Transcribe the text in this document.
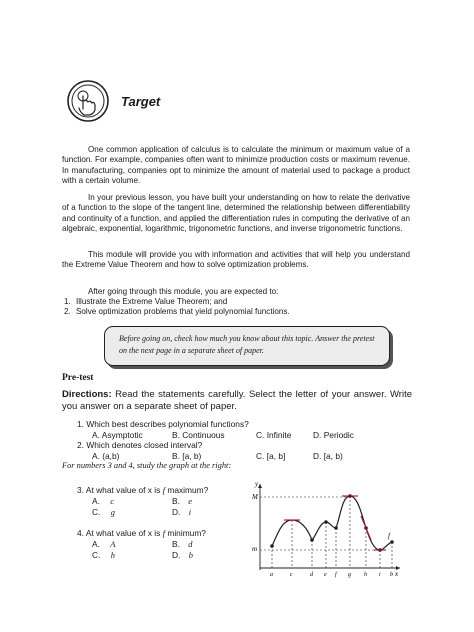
Target
One common application of calculus is to calculate the minimum or maximum value of a function. For example, companies often want to minimize production costs or maximum revenue. In manufacturing, companies opt to minimize the amount of material used to package a product with a certain volume.
In your previous lesson, you have built your understanding on how to relate the derivative of a function to the slope of the tangent line, determined the relationship between differentiability and continuity of a function, and applied the differentiation rules in computing the derivative of an algebraic, exponential, logarithmic, trigonometric functions, and inverse trigonometric functions.
This module will provide you with information and activities that will help you understand the Extreme Value Theorem and how to solve optimization problems.
After going through this module, you are expected to:
1. Illustrate the Extreme Value Theorem; and
2. Solve optimization problems that yield polynomial functions.
Before going on, check how much you know about this topic. Answer the pretest on the next page in a separate sheet of paper.
Pre-test
Directions: Read the statements carefully. Select the letter of your answer. Write you answer on a separate sheet of paper.
1. Which best describes polynomial functions?
A. Asymptotic	B. Continuous	C. Infinite	D. Periodic
2. Which denotes closed interval?
A. (a,b)	B. [a, b)	C. [a, b]	D. [a, b)
For numbers 3 and 4, study the graph at the right:
3. At what value of x is f maximum?
A. c	B. e
C. g	D. i
4. At what value of x is f minimum?
A. A	B. d
C. h	D. b
y
x
M
m
f
a	c	d e f g h i b
